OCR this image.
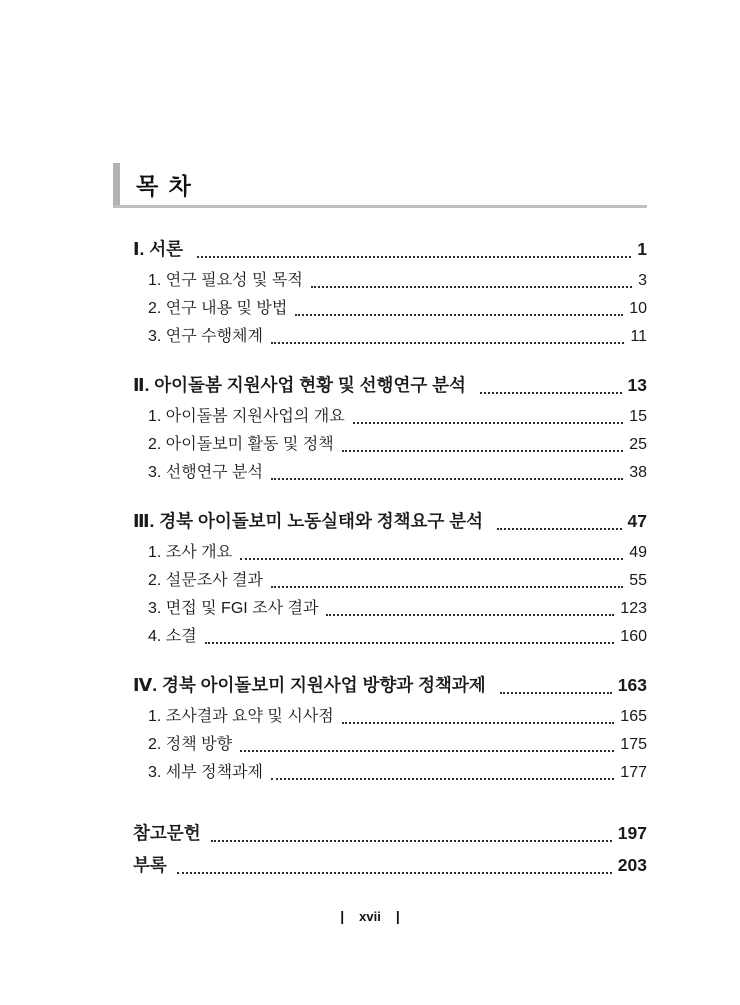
목 차
Ⅰ. 서론	1
1. 연구 필요성 및 목적	3
2. 연구 내용 및 방법	10
3. 연구 수행체계	11
Ⅱ. 아이돌봄 지원사업 현황 및 선행연구 분석	13
1. 아이돌봄 지원사업의 개요	15
2. 아이돌보미 활동 및 정책	25
3. 선행연구 분석	38
Ⅲ. 경북 아이돌보미 노동실태와 정책요구 분석	47
1. 조사 개요	49
2. 설문조사 결과	55
3. 면접 및 FGI 조사 결과	123
4. 소결	160
Ⅳ. 경북 아이돌보미 지원사업 방향과 정책과제	163
1. 조사결과 요약 및 시사점	165
2. 정책 방향	175
3. 세부 정책과제	177
참고문헌	197
부록	203
| xvii |
